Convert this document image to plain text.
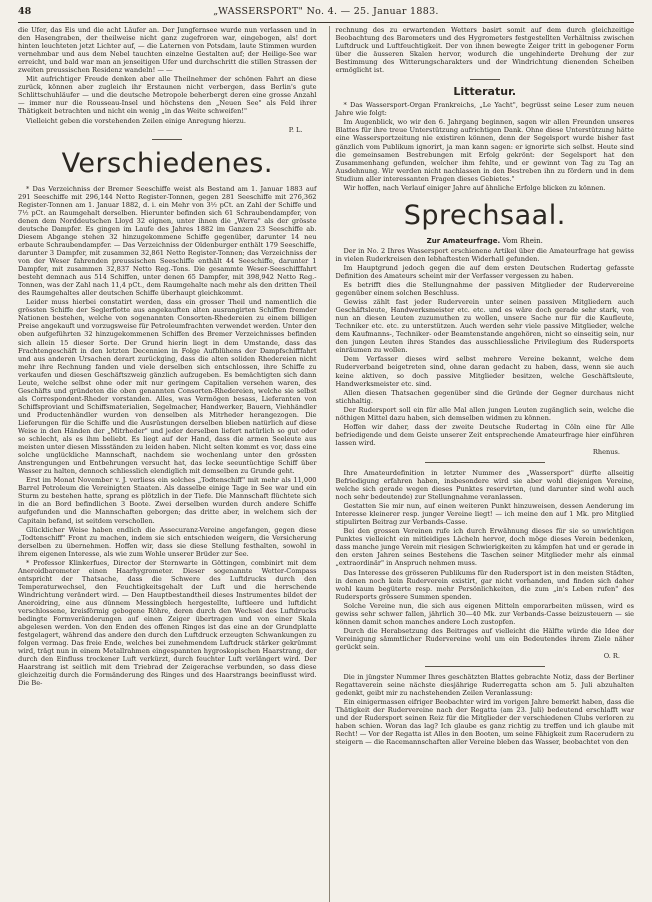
48	„WASSERSPORT" No. 4. — 25. Januar 1883.

die Ufer, das Eis und die acht Läufer an. Der Jungfernsee wurde nun verlassen und in den Hasengraben, der theilweise nicht ganz zugefroren war, eingebogen, als! dort hinten leuchteten jetzt Lichter auf, — die Laternen von Potsdam, laute Stimmen wurden vernehmbar und aus dem Nebel tauchten einzelne Gestalten auf; der Heilige-See war erreicht, und bald war man an jenseitigen Ufer und durchschritt die stillen Strassen der zweiten preussischen Residenz wandeln! — —

Mit aufrichtiger Freude denken aber alle Theilnehmer der schönen Fahrt an diese zurück, können aber zugleich ihr Erstaunen nicht verbergen, dass Berlin's gute Schlittschuhläufer — und die deutsche Metropole beherbergt deren eine grosse Anzahl — immer nur die Rousseau-Insel und höchstens den „Neuen See" als Feld ihrer Thätigkeit betrachten und nicht ein wenig „in das Weite schweifen!"

Vielleicht geben die vorstehenden Zeilen einige Anregung hierzu.

P. L.

Verschiedenes.

* Das Verzeichniss der Bremer Seeschiffe weist als Bestand am 1. Januar 1883 auf 291 Seeschiffe mit 296,144 Netto Register-Tonnen, gegen 281 Seeschiffe mit 276,362 Register-Tonnen am 1. Januar 1882, d. i. ein Mehr von 3½ pCt. an Zahl der Schiffe und 7½ pCt. an Raumgehalt derselben. Hierunter befinden sich 61 Schraubendampfer, von denen dem Norddeutschen Lloyd 32 eignen, unter ihnen die „Werra" als der grösste deutsche Dampfer. Es gingen im Laufe des Jahres 1882 im Ganzen 23 Seeschiffe ab. Diesem Abgange stehen 32 hinzugekommene Schiffe gegenüber, darunter 14 neu erbaute Schraubendampfer. — Das Verzeichniss der Oldenburger enthält 179 Seeschiffe, darunter 3 Dampfer, mit zusammen 32,861 Netto Register-Tonnen; das Verzeichniss der von der Weser fahrenden preussischen Seeschiffe enthält 44 Seeschiffe, darunter 1 Dampfer, mit zusammen 32,837 Netto Reg.-Tons. Die gesammte Weser-Seeschifffahrt besteht demnach aus 514 Schiffen, unter denen 65 Dampfer, mit 398,942 Netto Reg.-Tonnen, was der Zahl nach 11,4 pCt., dem Raumgehalte nach mehr als den dritten Theil des Raumgehaltes aller deutschen Schiffe überhaupt gleichkommt.

Leider muss hierbei constatirt werden, dass ein grosser Theil und namentlich die grössten Schiffe der Seglerflotte aus angekauften alten ausrangirten Schiffen fremder Nationen bestehen, welche von sogenannten Consorten-Rhedereien zu einem billigen Preise angekauft und vorzugsweise für Petroleumfrachten verwendet werden. Unter den oben aufgeführten 32 hinzugekommenen Schiffen des Bremer Verzeichnisses befinden sich allein 15 dieser Sorte. Der Grund hierin liegt in dem Umstande, dass das Frachtengeschäft in den letzten Decennien in Folge Aufblühens der Dampfschifffahrt und aus anderen Ursachen derart zurückging, dass die alten soliden Rhedereien nicht mehr ihre Rechnung fanden und viele derselben sich entschlossen, ihre Schiffe zu verkaufen und diesen Geschäftszweig gänzlich aufzugeben. Es bemächtigten sich dann Leute, welche selbst ohne oder mit nur geringem Capitalien versehen waren, des Geschäfts und gründeten die oben genannten Consorten-Rhedereien, welche sie selbst als Correspondent-Rheder vorstanden. Alles, was Vermögen besass, Lieferanten von Schiffsproviant und Schiffsmaterialien, Segelmacher, Handwerker, Bauern, Viehhändler und Productenhändler wurden von denselben als Mitrheder herangezogen. Die Lieferungen für die Schiffe und die Ausrüstungen derselben blieben natürlich auf diese Weise in den Händen der „Mitrheder" und jeder derselben liefert natürlich so gut oder so schlecht, als es ihm beliebt. Es liegt auf der Hand, dass die armen Seeleute aus meisten unter diesen Missständen zu leiden haben. Nicht selten kommt es vor, dass eine solche unglückliche Mannschaft, nachdem sie wochenlang unter den grössten Anstrengungen und Entbehrungen versucht hat, das lecke seeuntüchtige Schiff über Wasser zu halten, dennoch schliesslich elendiglich mit demselben zu Grunde geht.

Erst im Monat November v. J. verliess ein solches „Todtenschiff" mit mehr als 11,000 Barrel Petroleum die Vereinigten Staaten. Als dasselbe einige Tage in See war und ein Sturm zu bestehen hatte, sprang es plötzlich in der Tiefe. Die Mannschaft flüchtete sich in die an Bord befindlichen 3 Boote. Zwei derselben wurden durch andere Schiffe aufgefunden und die Mannschaften geborgen; das dritte aber, in welchem sich der Capitain befand, ist seitdem verschollen.

Glücklicher Weise haben endlich die Assecuranz-Vereine angefangen, gegen diese „Todtenschiff" Front zu machen, indem sie sich entschieden weigern, die Versicherung derselben zu übernehmen. Hoffen wir, dass sie diese Stellung festhalten, sowohl in ihrem eigenen Interesse, als wie zum Wohle unserer Brüder zur See.

* Professor Klinkerfues, Director der Sternwarte in Göttingen, combinirt mit dem Aneroidbarometer einen Haarhygrometer. Dieser sogenannte Wetter-Compass entspricht der Thatsache, dass die Schwere des Luftdrucks durch den Temperaturwechsel, den Feuchtigkeitsgehalt der Luft und die herrschende Windrichtung verändert wird. — Den Hauptbestandtheil dieses Instrumentes bildet der Aneroidring, eine aus dünnem Messingblech hergestellte, luftleere und luftdicht verschlossene, kreisförmig gebogene Röhre, deren durch den Wechsel des Luftdrucks bedingte Formveränderungen auf einen Zeiger übertragen und von einer Skala abgelesen werden. Von den Enden des offenen Ringes ist das eine an der Grundplatte festgelagert, während das andere den durch den Luftdruck erzeugten Schwankungen zu folgen vermag. Das freie Ende, welches bei zunehmendem Luftdruck stärker gekrümmt wird, trägt nun in einem Metallrahmen eingespannten hygroskopischen Haarstrang, der durch den Einfluss trockener Luft verkürzt, durch feuchter Luft verlängert wird. Der Haarstrang ist seitlich mit dem Triebrad der Zeigerachse verbunden, so dass diese gleichzeitig durch die Formänderung des Ringes und des Haarstrangs beeinflusst wird. Die Be-

rechnung des zu erwartenden Wetters basirt somit auf dem durch gleichzeitige Beobachtung des Barometers und des Hygrometers festgestellten Verhältniss zwischen Luftdruck und Luftfeuchtigkeit. Der von ihnen bewegte Zeiger tritt in gebogener Form über die äusseren Skalen hervor, wodurch die ungehinderte Drehung der zur Bestimmung des Witterungscharakters und der Windrichtung dienenden Scheiben ermöglicht ist.

Litteratur.

* Das Wassersport-Organ Frankreichs, „Le Yacht", begrüsst seine Leser zum neuen Jahre wie folgt:

Im Augenblick, wo wir den 6. Jahrgang beginnen, sagen wir allen Freunden unseres Blattes für ihre treue Unterstützung aufrichtigen Dank. Ohne diese Unterstützung hätte eine Wassersportzeitung nie existiren können, denn der Segelsport wurde bisher fast gänzlich vom Publikum ignorirt, ja man kann sagen: er ignorirte sich selbst. Heute sind die gemeinsamen Bestrebungen mit Erfolg gekrönt: der Segelsport hat den Zusammenhang gefunden, welcher ihm fehlte, und er gewinnt von Tag zu Tag an Ausdehnung. Wir werden nicht nachlassen in den Bestreben ihn zu fördern und in dem Studium aller interessanten Fragen dieses Gebietes."

Wir hoffen, nach Verlauf einiger Jahre auf ähnliche Erfolge blicken zu können.

Sprechsaal.
Zur Amateurfrage. Vom Rhein.

Der in No. 2 Ihres Wassersport erschienene Artikel über die Amateurfrage hat gewiss in vielen Ruderkreisen den lebhaftesten Widerhall gefunden.

Im Hauptgrund jedoch gegen die auf dem ersten Deutschen Rudertag gefasste Definition des Amateurs scheint mir der Verfasser vergessen zu haben.

Es betrifft dies die Stellungnahme der passiven Mitglieder der Rudervereine gegenüber einem solchen Beschluss.

Gewiss zählt fast jeder Ruderverein unter seinen passiven Mitgliedern auch Geschäftsleute, Handwerksmeister etc. etc. und es wäre doch gerade sehr stark, von nun an diesen Leuten zuzumuthen zu wollen, unsere Sache nur für die Kaufleute, Techniker etc. etc. zu unterstützen. Auch werden sehr viele passive Mitglieder, welche dem Kaufmanns-, Techniker- oder Beamtenstande angehören, nicht so einseitig sein, nur den jungen Leuten ihres Standes das ausschliessliche Privilegium des Rudersports einräumen zu wollen.

Dem Verfasser dieses wird selbst mehrere Vereine bekannt, welche dem Ruderverband beigetreten sind, ohne daran gedacht zu haben, dass, wenn sie auch keine aktiven, so doch passive Mitglieder besitzen, welche Geschäftsleute, Handwerksmeister etc. sind.

Allen diesen Thatsachen gegenüber sind die Gründe der Gegner durchaus nicht stichhaltig.

Der Rudersport soll ein für alle Mal allen jungen Leuten zugänglich sein, welche die nöthigen Mittel dazu haben, sich demselben widmen zu können.

Hoffen wir daher, dass der zweite Deutsche Rudertag in Cöln eine für Alle befriedigende und dem Geiste unserer Zeit entsprechende Amateurfrage hier einführen lassen wird.

Rhenus.

Ihre Amateurdefinition in letzter Nummer des „Wassersport" dürfte allseitig Befriedigung erfahren haben, insbesondere wird sie aber wohl diejenigen Vereine, welche sich gerade wegen dieses Punktes reservirten, (und darunter sind wohl auch noch sehr bedeutende) zur Stellungnahme veranlassen.

Gestatten Sie mir nun, auf einen weiteren Punkt hinzuweisen, dessen Aenderung im Interesse kleinerer resp. junger Vereine liegt! — ich meine den auf 1 Mk. pro Mitglied stipulirten Beitrag zur Verbands-Casse.

Bei den grossen Vereinen rufe ich durch Erwähnung dieses für sie so unwichtigen Punktes vielleicht ein mitleidiges Lächeln hervor, doch möge dieses Verein bedenken, dass manche junge Verein mit riesigen Schwierigkeiten zu kämpfen hat und er gerade in den ersten Jahren seines Bestehens die Taschen seiner Mitglieder mehr als einmal „extraordinär" in Anspruch nehmen muss.

Das Interesse des grösseren Publikums für den Rudersport ist in den meisten Städten, in denen noch kein Ruderverein existirt, gar nicht vorhanden, und finden sich daher wohl kaum begüterte resp. mehr Persönlichkeiten, die zum „in's Leben rufen" des Rudersports grössere Summen spenden.

Solche Vereine nun, die sich aus eigenen Mitteln emporarbeiten müssen, wird es gewiss sehr schwer fallen, jährlich 30—40 Mk. zur Verbands-Casse beizusteuern — sie können damit schon manches andere Loch zustopfen.

Durch die Herabsetzung des Beitrages auf vielleicht die Hälfte würde die Idee der Vereinigung sämmtlicher Rudervereine wohl um ein Bedeutendes ihrem Ziele näher gerückt sein.

O. R.

Die in jüngster Nummer Ihres geschätzten Blattes gebrachte Notiz, dass der Berliner Regattaverein seine nächste diesjährige Ruderregatta schon am 5. Juli abzuhalten gedenkt, geibt mir zu nachstehenden Zeilen Veranlassung:

Ein einigermassen eifriger Beobachter wird im vorigen Jahre bemerkt haben, dass die Thätigkeit der Rudervereine nach der Regatta (am 23. Juli) bedeutend erschlafft war und der Rudersport seinen Reiz für die Mitglieder der verschiedenen Clubs verloren zu haben schien. Woran das lag? Ich glaube es ganz richtig zu treffen und ich glaube mit Recht! — Vor der Regatta ist Alles in den Booten, um seine Fähigkeit zum Racerudern zu steigern — die Racemannschaften aller Vereine bleben das Wasser, beobachtet von den
